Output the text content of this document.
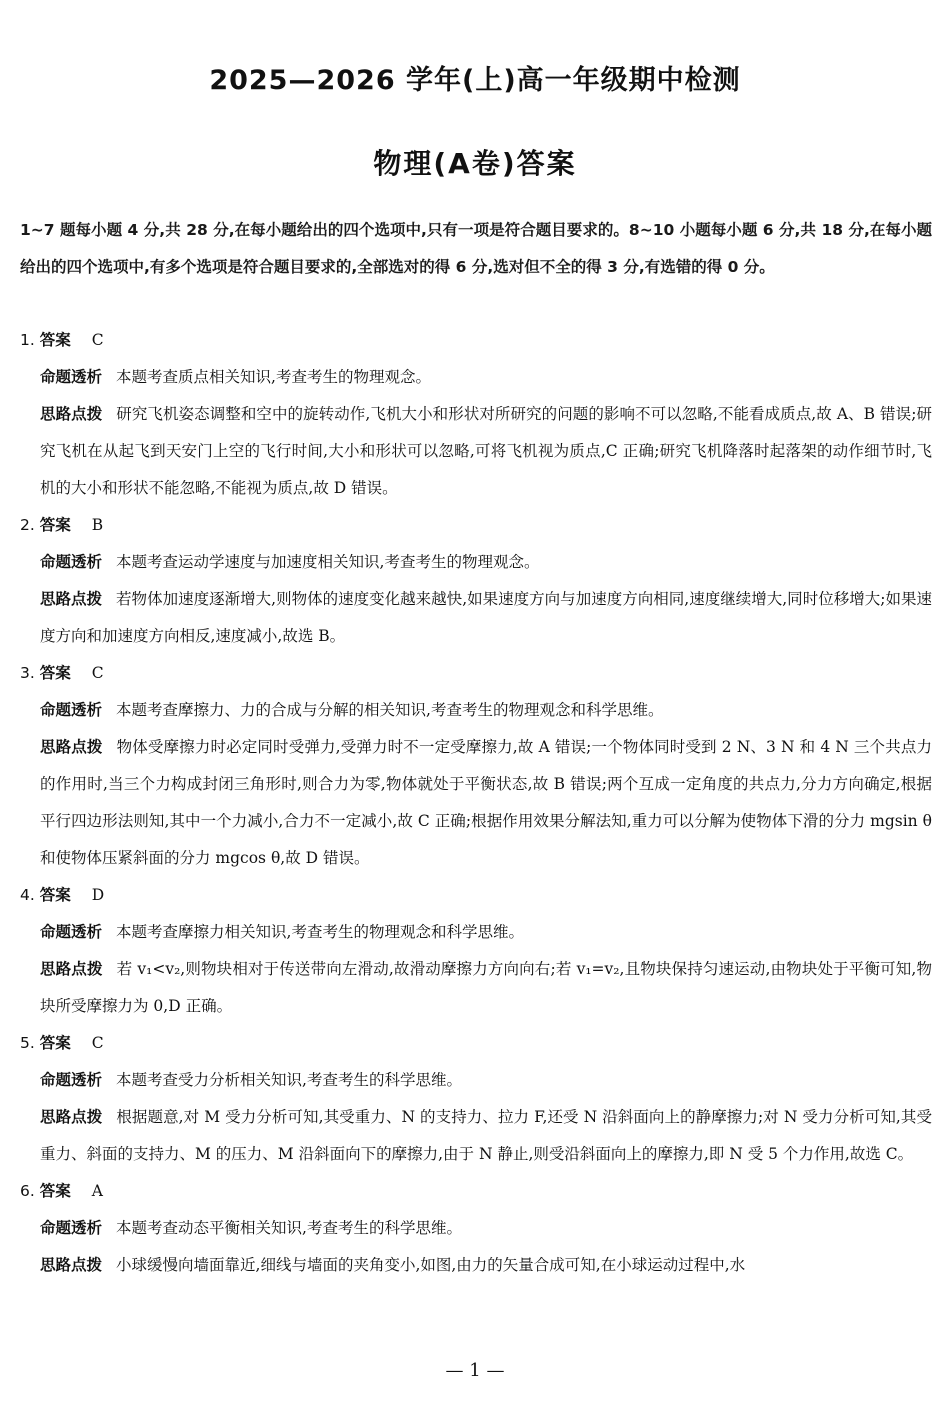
2025—2026 学年(上)高一年级期中检测
物理(A卷)答案
1~7 题每小题 4 分,共 28 分,在每小题给出的四个选项中,只有一项是符合题目要求的。8~10 小题每小题 6 分,共 18 分,在每小题给出的四个选项中,有多个选项是符合题目要求的,全部选对的得 6 分,选对但不全的得 3 分,有选错的得 0 分。
1. 答案 C
命题透析 本题考查质点相关知识,考查考生的物理观念。
思路点拨 研究飞机姿态调整和空中的旋转动作,飞机大小和形状对所研究的问题的影响不可以忽略,不能看成质点,故 A、B 错误;研究飞机在从起飞到天安门上空的飞行时间,大小和形状可以忽略,可将飞机视为质点,C 正确;研究飞机降落时起落架的动作细节时,飞机的大小和形状不能忽略,不能视为质点,故 D 错误。
2. 答案 B
命题透析 本题考查运动学速度与加速度相关知识,考查考生的物理观念。
思路点拨 若物体加速度逐渐增大,则物体的速度变化越来越快,如果速度方向与加速度方向相同,速度继续增大,同时位移增大;如果速度方向和加速度方向相反,速度减小,故选 B。
3. 答案 C
命题透析 本题考查摩擦力、力的合成与分解的相关知识,考查考生的物理观念和科学思维。
思路点拨 物体受摩擦力时必定同时受弹力,受弹力时不一定受摩擦力,故 A 错误;一个物体同时受到 2 N、3 N 和 4 N 三个共点力的作用时,当三个力构成封闭三角形时,则合力为零,物体就处于平衡状态,故 B 错误;两个互成一定角度的共点力,分力方向确定,根据平行四边形法则知,其中一个力减小,合力不一定减小,故 C 正确;根据作用效果分解法知,重力可以分解为使物体下滑的分力 mgsin θ 和使物体压紧斜面的分力 mgcos θ,故 D 错误。
4. 答案 D
命题透析 本题考查摩擦力相关知识,考查考生的物理观念和科学思维。
思路点拨 若 v₁<v₂,则物块相对于传送带向左滑动,故滑动摩擦力方向向右;若 v₁=v₂,且物块保持匀速运动,由物块处于平衡可知,物块所受摩擦力为 0,D 正确。
5. 答案 C
命题透析 本题考查受力分析相关知识,考查考生的科学思维。
思路点拨 根据题意,对 M 受力分析可知,其受重力、N 的支持力、拉力 F,还受 N 沿斜面向上的静摩擦力;对 N 受力分析可知,其受重力、斜面的支持力、M 的压力、M 沿斜面向下的摩擦力,由于 N 静止,则受沿斜面向上的摩擦力,即 N 受 5 个力作用,故选 C。
6. 答案 A
命题透析 本题考查动态平衡相关知识,考查考生的科学思维。
思路点拨 小球缓慢向墙面靠近,细线与墙面的夹角变小,如图,由力的矢量合成可知,在小球运动过程中,水
— 1 —
